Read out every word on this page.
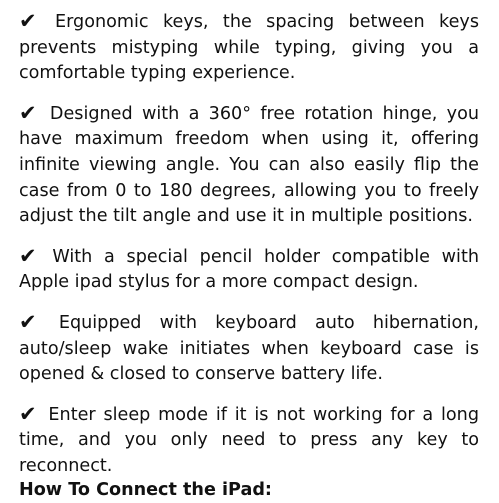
✔ Ergonomic keys, the spacing between keys prevents mistyping while typing, giving you a comfortable typing experience.

✔ Designed with a 360° free rotation hinge, you have maximum freedom when using it, offering infinite viewing angle. You can also easily flip the case from 0 to 180 degrees, allowing you to freely adjust the tilt angle and use it in multiple positions.

✔ With a special pencil holder compatible with Apple ipad stylus for a more compact design.

✔ Equipped with keyboard auto hibernation, auto/sleep wake initiates when keyboard case is opened & closed to conserve battery life.

✔ Enter sleep mode if it is not working for a long time, and you only need to press any key to reconnect.

How To Connect the iPad:
